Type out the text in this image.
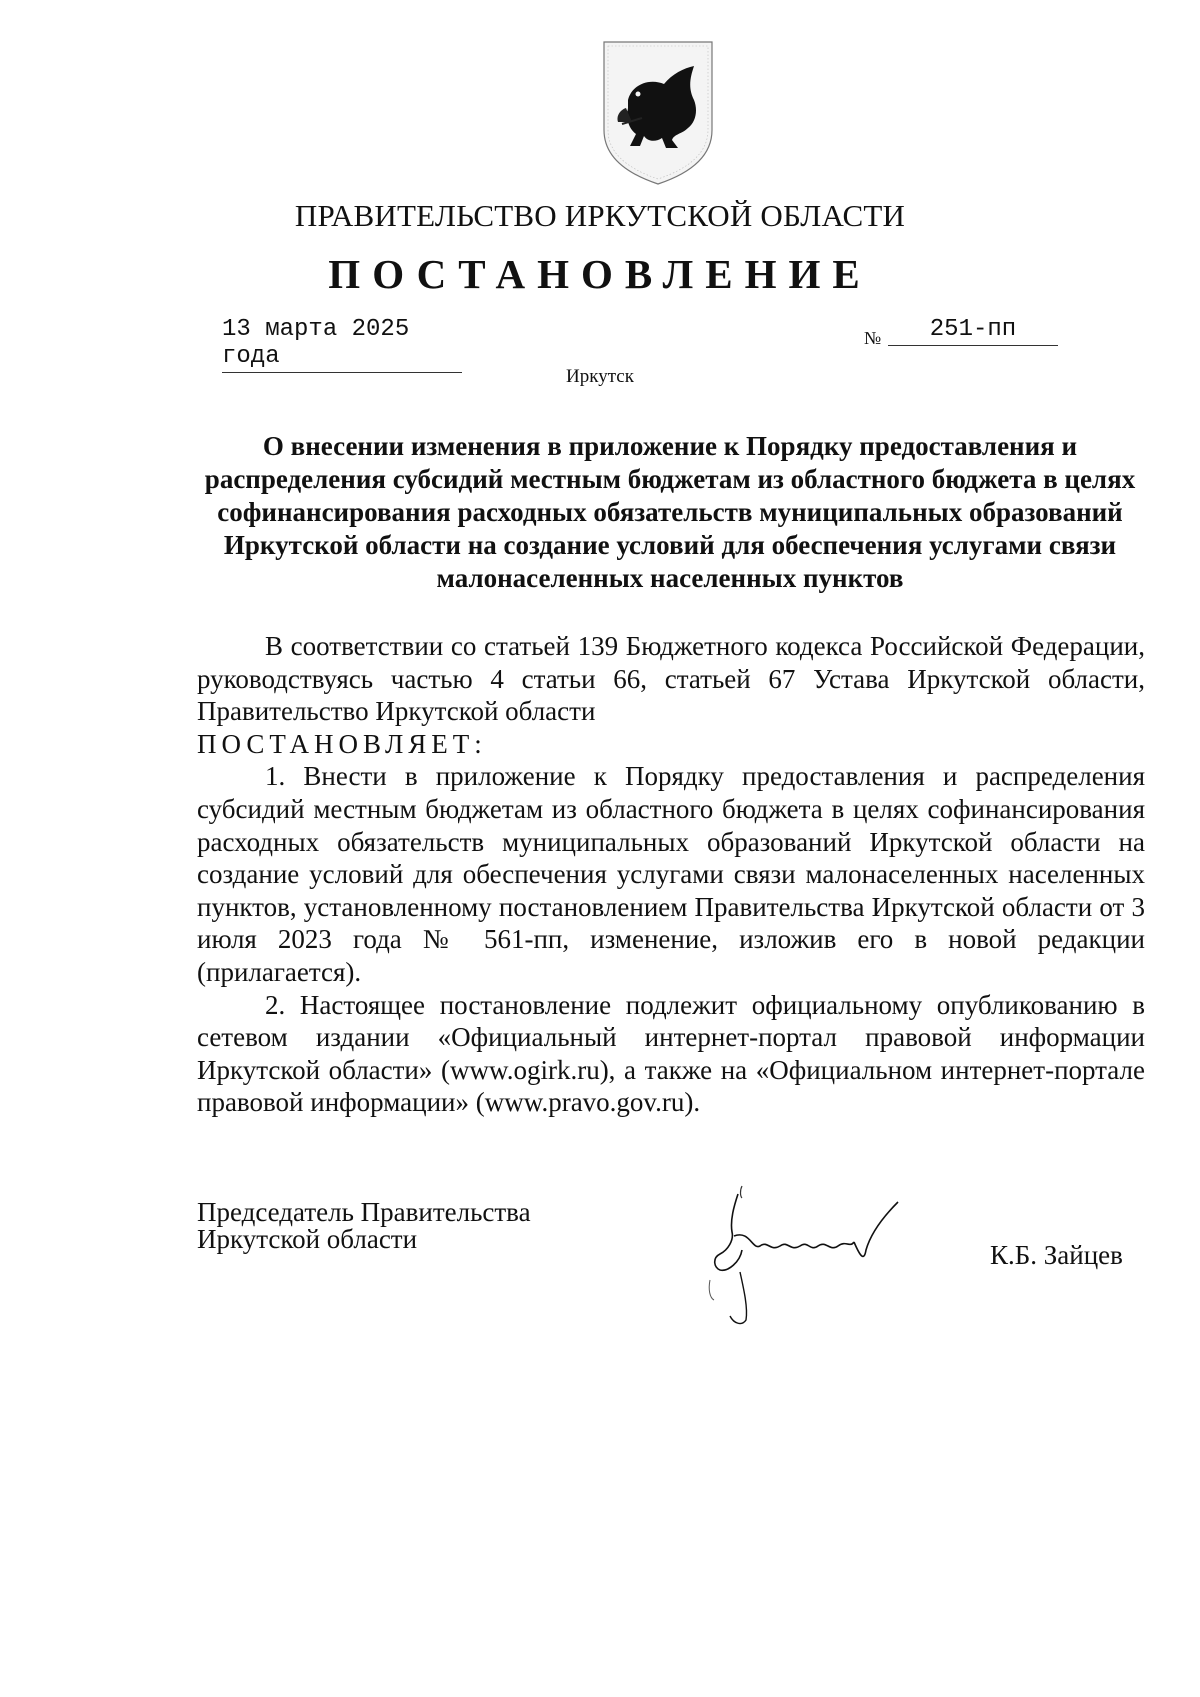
ПРАВИТЕЛЬСТВО ИРКУТСКОЙ ОБЛАСТИ
ПОСТАНОВЛЕНИЕ
13 марта 2025 года
№	251-пп
Иркутск
О внесении изменения в приложение к Порядку предоставления и распределения субсидий местным бюджетам из областного бюджета в целях софинансирования расходных обязательств муниципальных образований Иркутской области на создание условий для обеспечения услугами связи малонаселенных населенных пунктов

В соответствии со статьей 139 Бюджетного кодекса Российской Федерации, руководствуясь частью 4 статьи 66, статьей 67 Устава Иркутской области, Правительство Иркутской области

ПОСТАНОВЛЯЕТ:

1. Внести в приложение к Порядку предоставления и распределения субсидий местным бюджетам из областного бюджета в целях софинансирования расходных обязательств муниципальных образований Иркутской области на создание условий для обеспечения услугами связи малонаселенных населенных пунктов, установленному постановлением Правительства Иркутской области от 3 июля 2023 года № 561-пп, изменение, изложив его в новой редакции (прилагается).

2. Настоящее постановление подлежит официальному опубликованию в сетевом издании «Официальный интернет-портал правовой информации Иркутской области» (www.ogirk.ru), а также на «Официальном интернет-портале правовой информации» (www.pravo.gov.ru).

Председатель Правительства
Иркутской области
К.Б. Зайцев
